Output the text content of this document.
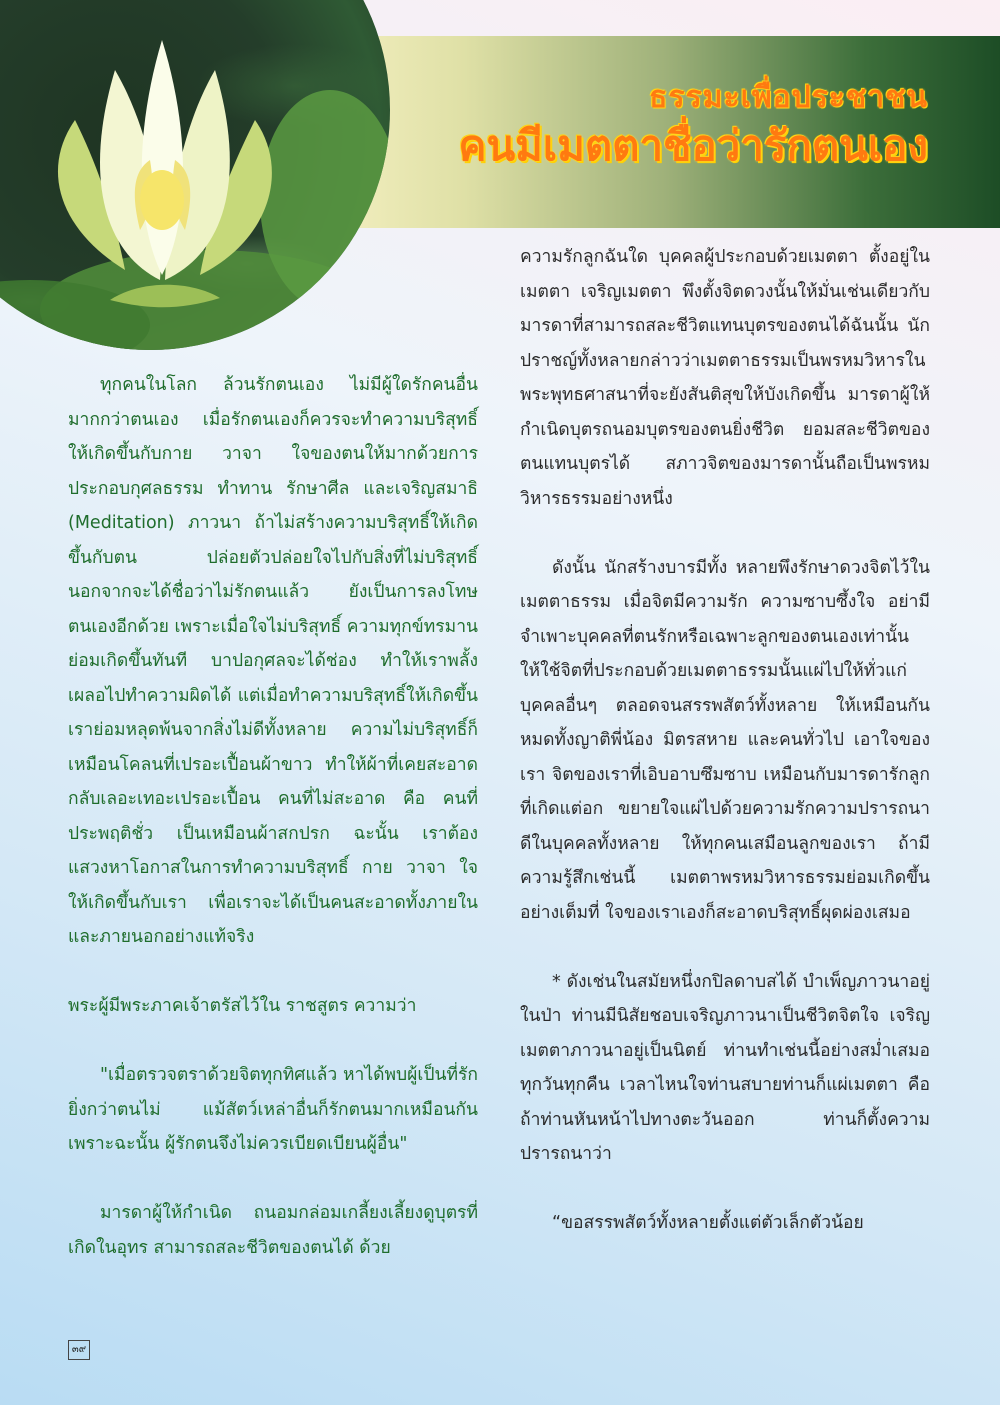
ธรรมะเพื่อประชาชน
คนมีเมตตาชื่อว่ารักตนเอง

ทุกคนในโลก ล้วนรักตนเอง ไม่มีผู้ใดรักคนอื่นมากกว่าตนเอง เมื่อรักตนเองก็ควรจะทำความบริสุทธิ์ให้เกิดขึ้นกับกาย วาจา ใจของตนให้มากด้วยการประกอบกุศลธรรม ทำทาน รักษาศีล และเจริญสมาธิ (Meditation) ภาวนา ถ้าไม่สร้างความบริสุทธิ์ให้เกิดขึ้นกับตน ปล่อยตัวปล่อยใจไปกับสิ่งที่ไม่บริสุทธิ์ นอกจากจะได้ชื่อว่าไม่รักตนแล้ว ยังเป็นการลงโทษตนเองอีกด้วย เพราะเมื่อใจไม่บริสุทธิ์ ความทุกข์ทรมาน ย่อมเกิดขึ้นทันที บาปอกุศลจะได้ช่อง ทำให้เราพลั้งเผลอไปทำความผิดได้ แต่เมื่อทำความบริสุทธิ์ให้เกิดขึ้น เราย่อมหลุดพ้นจากสิ่งไม่ดีทั้งหลาย ความไม่บริสุทธิ์ก็เหมือนโคลนที่เปรอะเปื้อนผ้าขาว ทำให้ผ้าที่เคยสะอาดกลับเลอะเทอะเปรอะเปื้อน คนที่ไม่สะอาด คือ คนที่ประพฤติชั่ว เป็นเหมือนผ้าสกปรก ฉะนั้น เราต้องแสวงหาโอกาสในการทำความบริสุทธิ์ กาย วาจา ใจ ให้เกิดขึ้นกับเรา เพื่อเราจะได้เป็นคนสะอาดทั้งภายในและภายนอกอย่างแท้จริง

พระผู้มีพระภาคเจ้าตรัสไว้ใน ราชสูตร ความว่า

"เมื่อตรวจตราด้วยจิตทุกทิศแล้ว หาได้พบผู้เป็นที่รักยิ่งกว่าตนไม่ แม้สัตว์เหล่าอื่นก็รักตนมากเหมือนกัน เพราะฉะนั้น ผู้รักตนจึงไม่ควรเบียดเบียนผู้อื่น"

มารดาผู้ให้กำเนิด ถนอมกล่อมเกลี้ยงเลี้ยงดูบุตรที่เกิดในอุทร สามารถสละชีวิตของตนได้ ด้วย

ความรักลูกฉันใด บุคคลผู้ประกอบด้วยเมตตา ตั้งอยู่ในเมตตา เจริญเมตตา พึงตั้งจิตดวงนั้นให้มั่นเช่นเดียวกับมารดาที่สามารถสละชีวิตแทนบุตรของตนได้ฉันนั้น นักปราชญ์ทั้งหลายกล่าวว่าเมตตาธรรมเป็นพรหมวิหารในพระพุทธศาสนาที่จะยังสันติสุขให้บังเกิดขึ้น มารดาผู้ให้กำเนิดบุตรถนอมบุตรของตนยิ่งชีวิต ยอมสละชีวิตของตนแทนบุตรได้ สภาวจิตของมารดานั้นถือเป็นพรหมวิหารธรรมอย่างหนึ่ง

ดังนั้น นักสร้างบารมีทั้ง หลายพึงรักษาดวงจิตไว้ในเมตตาธรรม เมื่อจิตมีความรัก ความซาบซึ้งใจ อย่ามีจำเพาะบุคคลที่ตนรักหรือเฉพาะลูกของตนเองเท่านั้น ให้ใช้จิตที่ประกอบด้วยเมตตาธรรมนั้นแผ่ไปให้ทั่วแก่บุคคลอื่นๆ ตลอดจนสรรพสัตว์ทั้งหลาย ให้เหมือนกันหมดทั้งญาติพี่น้อง มิตรสหาย และคนทั่วไป เอาใจของเรา จิตของเราที่เอิบอาบซึมซาบ เหมือนกับมารดารักลูกที่เกิดแต่อก ขยายใจแผ่ไปด้วยความรักความปรารถนาดีในบุคคลทั้งหลาย ให้ทุกคนเสมือนลูกของเรา ถ้ามีความรู้สึกเช่นนี้ เมตตาพรหมวิหารธรรมย่อมเกิดขึ้นอย่างเต็มที่ ใจของเราเองก็สะอาดบริสุทธิ์ผุดผ่องเสมอ

* ดังเช่นในสมัยหนึ่งกปิลดาบสได้ บำเพ็ญภาวนาอยู่ในป่า ท่านมีนิสัยชอบเจริญภาวนาเป็นชีวิตจิตใจ เจริญเมตตาภาวนาอยู่เป็นนิตย์ ท่านทำเช่นนี้อย่างสม่ำเสมอทุกวันทุกคืน เวลาไหนใจท่านสบายท่านก็แผ่เมตตา คือ ถ้าท่านหันหน้าไปทางตะวันออก ท่านก็ตั้งความปรารถนาว่า

“ขอสรรพสัตว์ทั้งหลายตั้งแต่ตัวเล็กตัวน้อย

๓๙
